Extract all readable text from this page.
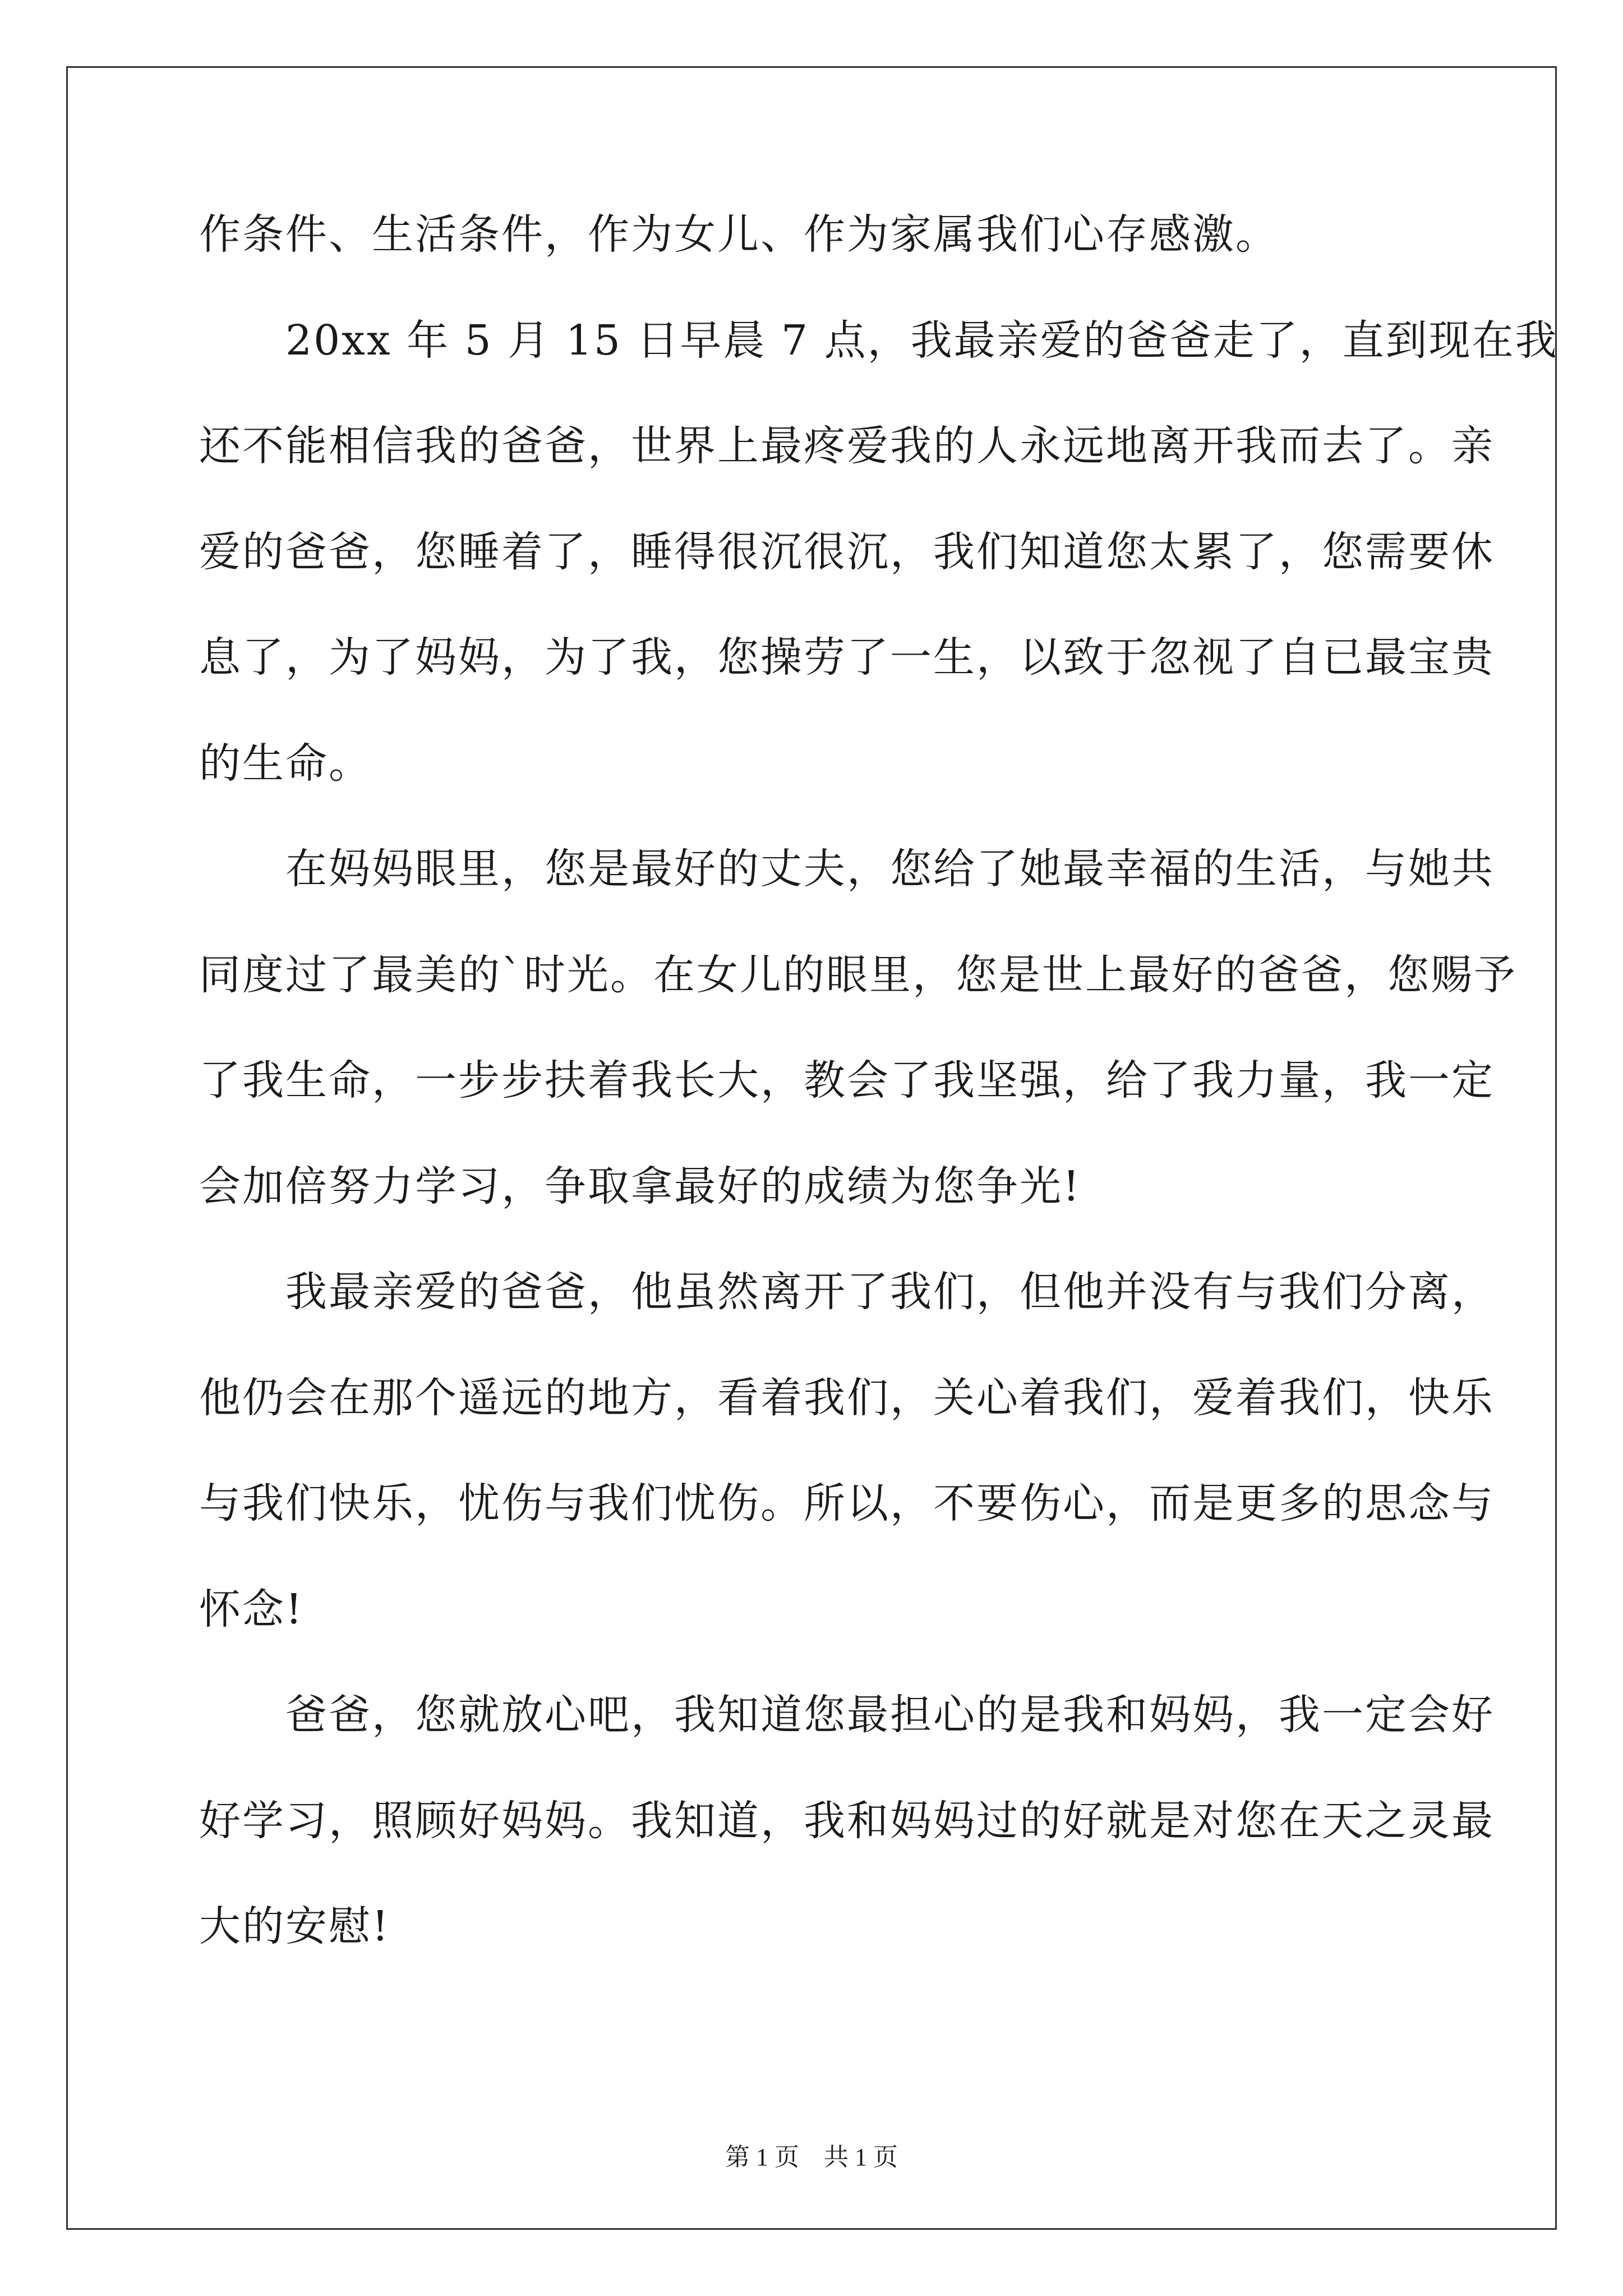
作条件、生活条件，作为女儿、作为家属我们心存感激。
　　20xx 年 5 月 15 日早晨 7 点，我最亲爱的爸爸走了，直到现在我
还不能相信我的爸爸，世界上最疼爱我的人永远地离开我而去了。亲
爱的爸爸，您睡着了，睡得很沉很沉，我们知道您太累了，您需要休
息了，为了妈妈，为了我，您操劳了一生，以致于忽视了自已最宝贵
的生命。
　　在妈妈眼里，您是最好的丈夫，您给了她最幸福的生活，与她共
同度过了最美的`时光。在女儿的眼里，您是世上最好的爸爸，您赐予
了我生命，一步步扶着我长大，教会了我坚强，给了我力量，我一定
会加倍努力学习，争取拿最好的成绩为您争光!
　　我最亲爱的爸爸，他虽然离开了我们，但他并没有与我们分离，
他仍会在那个遥远的地方，看着我们，关心着我们，爱着我们，快乐
与我们快乐，忧伤与我们忧伤。所以，不要伤心，而是更多的思念与
怀念!
　　爸爸，您就放心吧，我知道您最担心的是我和妈妈，我一定会好
好学习，照顾好妈妈。我知道，我和妈妈过的好就是对您在天之灵最
大的安慰!
第 1 页　共 1 页
